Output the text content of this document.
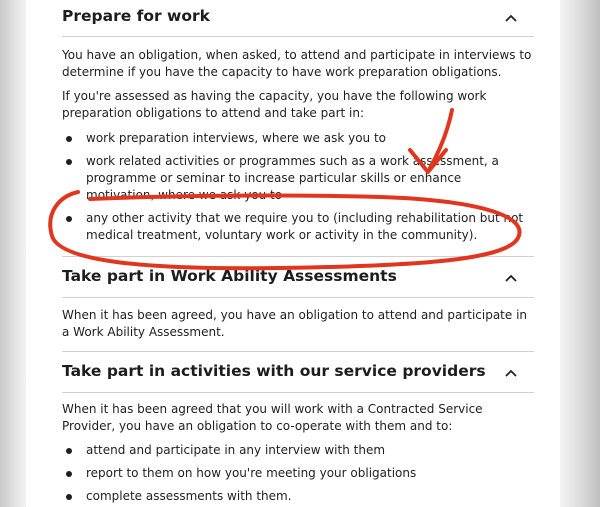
Prepare for work

You have an obligation, when asked, to attend and participate in interviews to determine if you have the capacity to have work preparation obligations.

If you're assessed as having the capacity, you have the following work preparation obligations to attend and take part in:

work preparation interviews, where we ask you to
work related activities or programmes such as a work assessment, a programme or seminar to increase particular skills or enhance motivation, where we ask you to
any other activity that we require you to (including rehabilitation but not medical treatment, voluntary work or activity in the community).
Take part in Work Ability Assessments

When it has been agreed, you have an obligation to attend and participate in a Work Ability Assessment.

Take part in activities with our service providers

When it has been agreed that you will work with a Contracted Service Provider, you have an obligation to co-operate with them and to:

attend and participate in any interview with them
report to them on how you're meeting your obligations
complete assessments with them.
